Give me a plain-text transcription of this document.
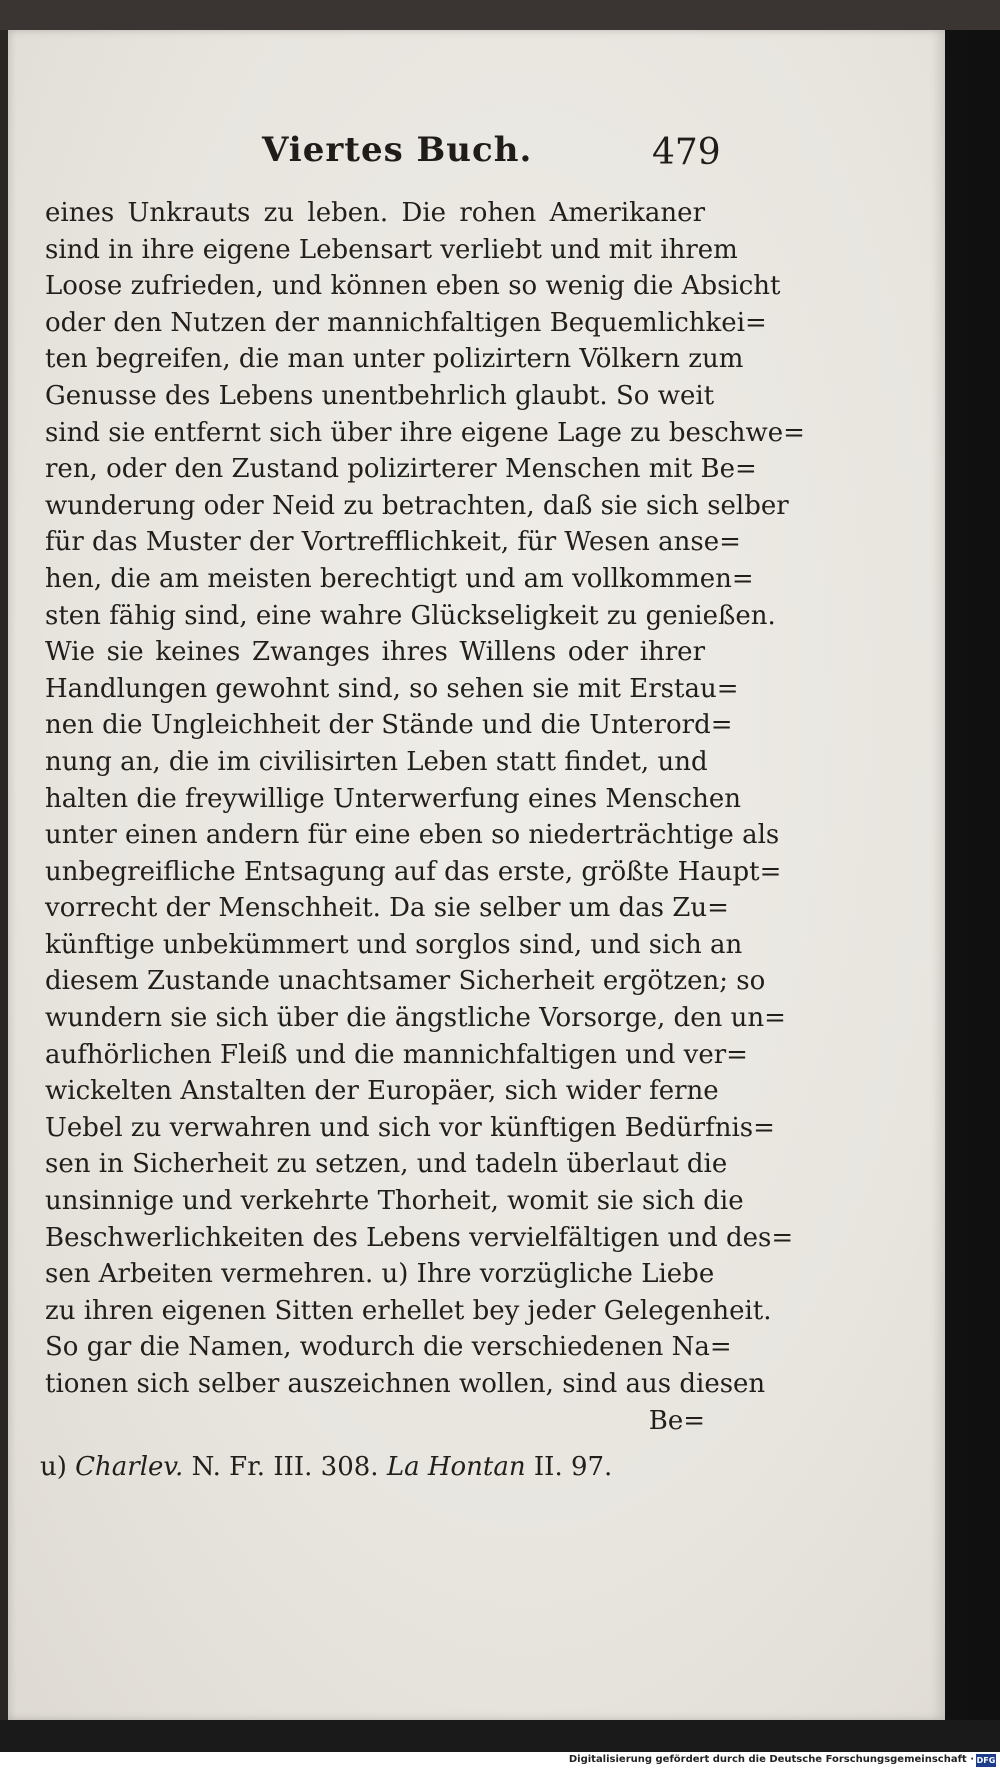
Viertes Buch.	479
eines Unkrauts zu leben. Die rohen Amerikaner
sind in ihre eigene Lebensart verliebt und mit ihrem
Loose zufrieden, und können eben so wenig die Absicht
oder den Nutzen der mannichfaltigen Bequemlichkei=
ten begreifen, die man unter polizirtern Völkern zum
Genusse des Lebens unentbehrlich glaubt. So weit
sind sie entfernt sich über ihre eigene Lage zu beschwe=
ren, oder den Zustand polizirterer Menschen mit Be=
wunderung oder Neid zu betrachten, daß sie sich selber
für das Muster der Vortrefflichkeit, für Wesen anse=
hen, die am meisten berechtigt und am vollkommen=
sten fähig sind, eine wahre Glückseligkeit zu genießen.
Wie sie keines Zwanges ihres Willens oder ihrer
Handlungen gewohnt sind, so sehen sie mit Erstau=
nen die Ungleichheit der Stände und die Unterord=
nung an, die im civilisirten Leben statt findet, und
halten die freywillige Unterwerfung eines Menschen
unter einen andern für eine eben so niederträchtige als
unbegreifliche Entsagung auf das erste, größte Haupt=
vorrecht der Menschheit. Da sie selber um das Zu=
künftige unbekümmert und sorglos sind, und sich an
diesem Zustande unachtsamer Sicherheit ergötzen; so
wundern sie sich über die ängstliche Vorsorge, den un=
aufhörlichen Fleiß und die mannichfaltigen und ver=
wickelten Anstalten der Europäer, sich wider ferne
Uebel zu verwahren und sich vor künftigen Bedürfnis=
sen in Sicherheit zu setzen, und tadeln überlaut die
unsinnige und verkehrte Thorheit, womit sie sich die
Beschwerlichkeiten des Lebens vervielfältigen und des=
sen Arbeiten vermehren. u) Ihre vorzügliche Liebe
zu ihren eigenen Sitten erhellet bey jeder Gelegenheit.
So gar die Namen, wodurch die verschiedenen Na=
tionen sich selber auszeichnen wollen, sind aus diesen
Be=
u) Charlev. N. Fr. III. 308. La Hontan II. 97.
Digitalisierung gefördert durch die Deutsche Forschungsgemeinschaft · DFG
